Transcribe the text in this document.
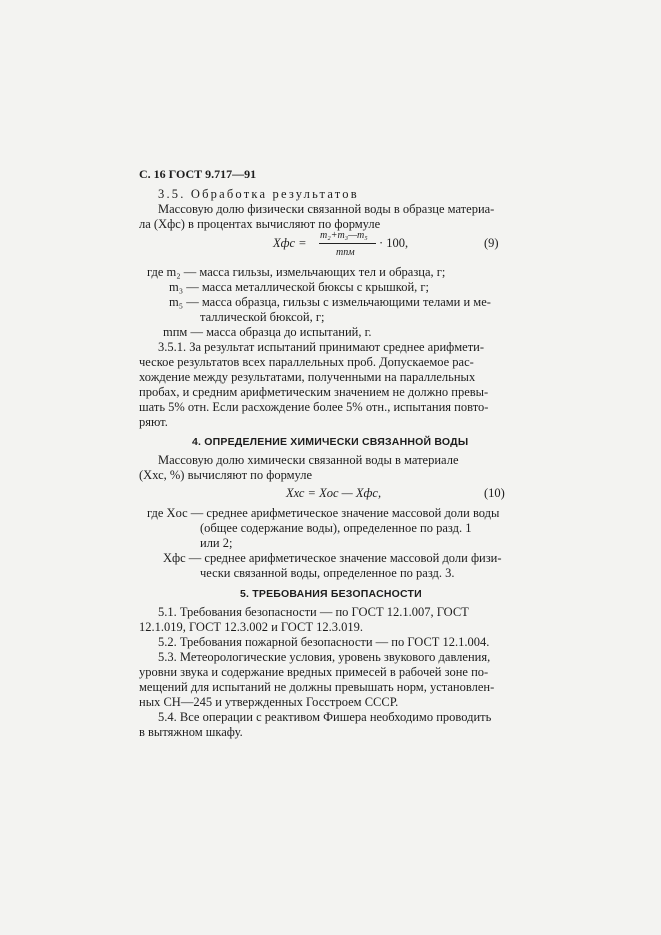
С. 16 ГОСТ 9.717—91
3.5. Обработка результатов
Массовую долю физически связанной воды в образце материа-
ла (Xфс) в процентах вычисляют по формуле
Xфс =
m₂+m₃—m₅
mпм
· 100,	(9)
где m₂ — масса гильзы, измельчающих тел и образца, г;
m₃ — масса металлической бюксы с крышкой, г;
m₅ — масса образца, гильзы с измельчающими телами и ме-
таллической бюксой, г;
mпм — масса образца до испытаний, г.
3.5.1. За результат испытаний принимают среднее арифмети-
ческое результатов всех параллельных проб. Допускаемое рас-
хождение между результатами, полученными на параллельных
пробах, и средним арифметическим значением не должно превы-
шать 5% отн. Если расхождение более 5% отн., испытания повто-
ряют.
4. ОПРЕДЕЛЕНИЕ ХИМИЧЕСКИ СВЯЗАННОЙ ВОДЫ
Массовую долю химически связанной воды в материале
(Xхс, %) вычисляют по формуле
Xхс = Xос — Xфс,	(10)
где Xос — среднее арифметическое значение массовой доли воды
(общее содержание воды), определенное по разд. 1
или 2;
Xфс — среднее арифметическое значение массовой доли физи-
чески связанной воды, определенное по разд. 3.
5. ТРЕБОВАНИЯ БЕЗОПАСНОСТИ
5.1. Требования безопасности — по ГОСТ 12.1.007, ГОСТ
12.1.019, ГОСТ 12.3.002 и ГОСТ 12.3.019.
5.2. Требования пожарной безопасности — по ГОСТ 12.1.004.
5.3. Метеорологические условия, уровень звукового давления,
уровни звука и содержание вредных примесей в рабочей зоне по-
мещений для испытаний не должны превышать норм, установлен-
ных СН—245 и утвержденных Госстроем СССР.
5.4. Все операции с реактивом Фишера необходимо проводить
в вытяжном шкафу.
